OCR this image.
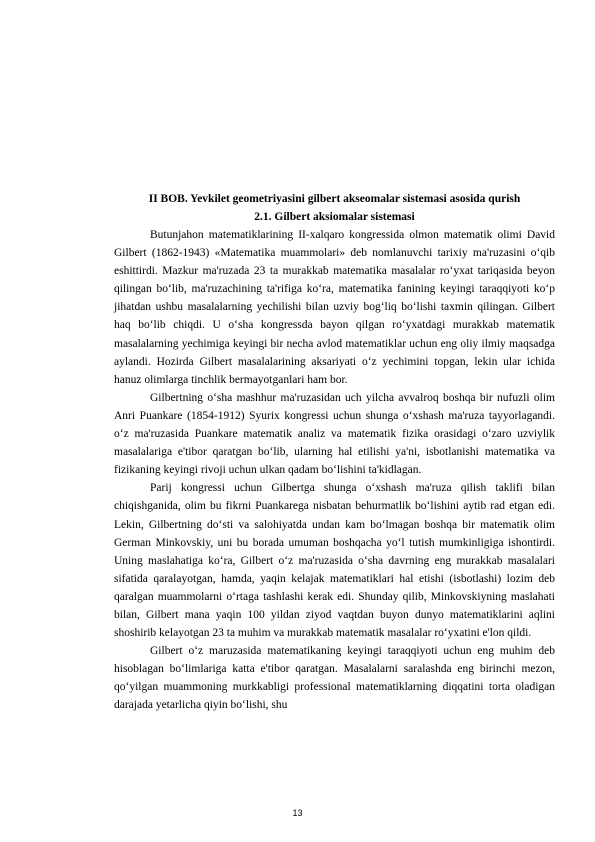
II BOB. Yevkilet geometriyasini gilbert akseomalar sistemasi asosida qurish
2.1. Gilbert aksiomalar sistemasi

Butunjahon matematiklarining II-xalqaro kongressida olmon matematik olimi David Gilbert (1862-1943) «Matematika muammolari» deb nomlanuvchi tarixiy ma'ruzasini o‘qib eshittirdi. Mazkur ma'ruzada 23 ta murakkab matematika masalalar ro‘yxat tariqasida beyon qilingan bo‘lib, ma'ruzachining ta'rifiga ko‘ra, matematika fanining keyingi taraqqiyoti ko‘p jihatdan ushbu masalalarning yechilishi bilan uzviy bog‘liq bo‘lishi taxmin qilingan. Gilbert haq bo‘lib chiqdi. U o‘sha kongressda bayon qilgan ro‘yxatdagi murakkab matematik masalalarning yechimiga keyingi bir necha avlod matematiklar uchun eng oliy ilmiy maqsadga aylandi. Hozirda Gilbert masalalarining aksariyati o‘z yechimini topgan, lekin ular ichida hanuz olimlarga tinchlik bermayotganlari ham bor.

Gilbertning o‘sha mashhur ma'ruzasidan uch yilcha avvalroq boshqa bir nufuzli olim Anri Puankare (1854-1912) Syurix kongressi uchun shunga o‘xshash ma'ruza tayyorlagandi. o‘z ma'ruzasida Puankare matematik analiz va matematik fizika orasidagi o‘zaro uzviylik masalalariga e'tibor qaratgan bo‘lib, ularning hal etilishi ya'ni, isbotlanishi matematika va fizikaning keyingi rivoji uchun ulkan qadam bo‘lishini ta'kidlagan.

Parij kongressi uchun Gilbertga shunga o‘xshash ma'ruza qilish taklifi bilan chiqishganida, olim bu fikrni Puankarega nisbatan behurmatlik bo‘lishini aytib rad etgan edi. Lekin, Gilbertning do‘sti va salohiyatda undan kam bo‘lmagan boshqa bir matematik olim German Minkovskiy, uni bu borada umuman boshqacha yo‘l tutish mumkinligiga ishontirdi. Uning maslahatiga ko‘ra, Gilbert o‘z ma'ruzasida o‘sha davrning eng murakkab masalalari sifatida qaralayotgan, hamda, yaqin kelajak matematiklari hal etishi (isbotlashi) lozim deb qaralgan muammolarni o‘rtaga tashlashi kerak edi. Shunday qilib, Minkovskiyning maslahati bilan, Gilbert mana yaqin 100 yildan ziyod vaqtdan buyon dunyo matematiklarini aqlini shoshirib kelayotgan 23 ta muhim va murakkab matematik masalalar ro‘yxatini e'lon qildi.

Gilbert o‘z maruzasida matematikaning keyingi taraqqiyoti uchun eng muhim deb hisoblagan bo‘limlariga katta e'tibor qaratgan. Masalalarni saralashda eng birinchi mezon, qo‘yilgan muammoning murkkabligi professional matematiklarning diqqatini torta oladigan darajada yetarlicha qiyin bo‘lishi, shu

13
